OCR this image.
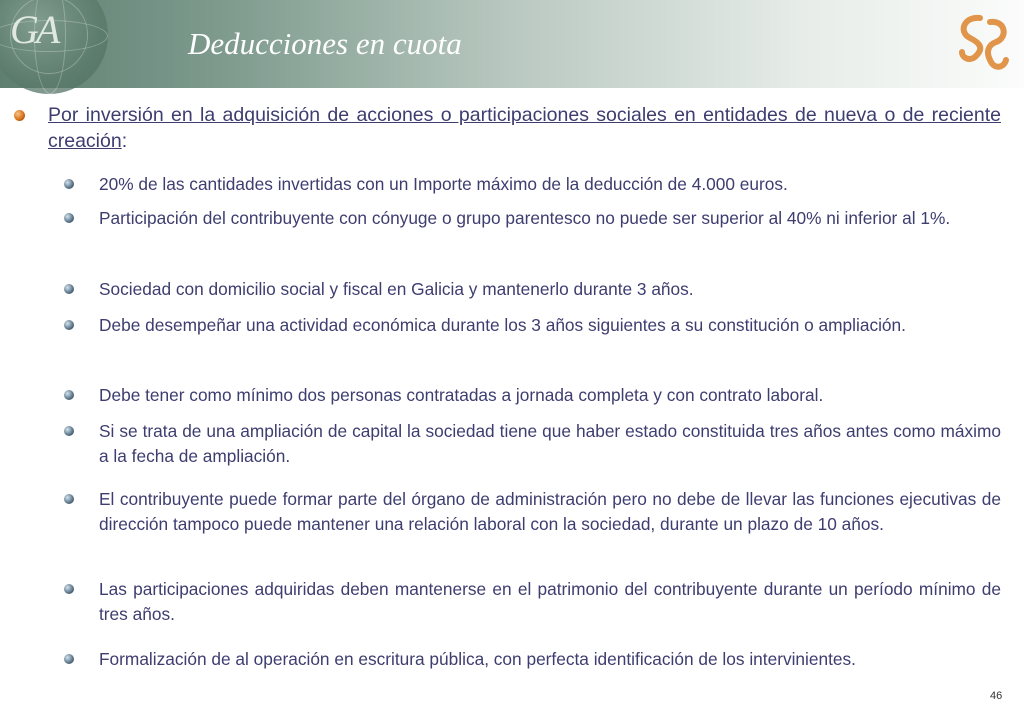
GA	Deducciones en cuota

Por inversión en la adquisición de acciones o participaciones sociales en entidades de nueva o de reciente creación:

20% de las cantidades invertidas con un Importe máximo de la deducción de 4.000 euros.
Participación del contribuyente con cónyuge o grupo parentesco no puede ser superior al 40% ni inferior al 1%.
Sociedad con domicilio social y fiscal en Galicia y mantenerlo durante 3 años.
Debe desempeñar una actividad económica durante los 3 años siguientes a su constitución o ampliación.
Debe tener como mínimo dos personas contratadas a jornada completa y con contrato laboral.
Si se trata de una ampliación de capital la sociedad tiene que haber estado constituida tres años antes como máximo a la fecha de ampliación.
El contribuyente puede formar parte del órgano de administración pero no debe de llevar las funciones ejecutivas de dirección tampoco puede mantener una relación laboral con la sociedad, durante un plazo de 10 años.
Las participaciones adquiridas deben mantenerse en el patrimonio del contribuyente durante un período mínimo de tres años.
Formalización de al operación en escritura pública, con perfecta identificación de los intervinientes.
46
